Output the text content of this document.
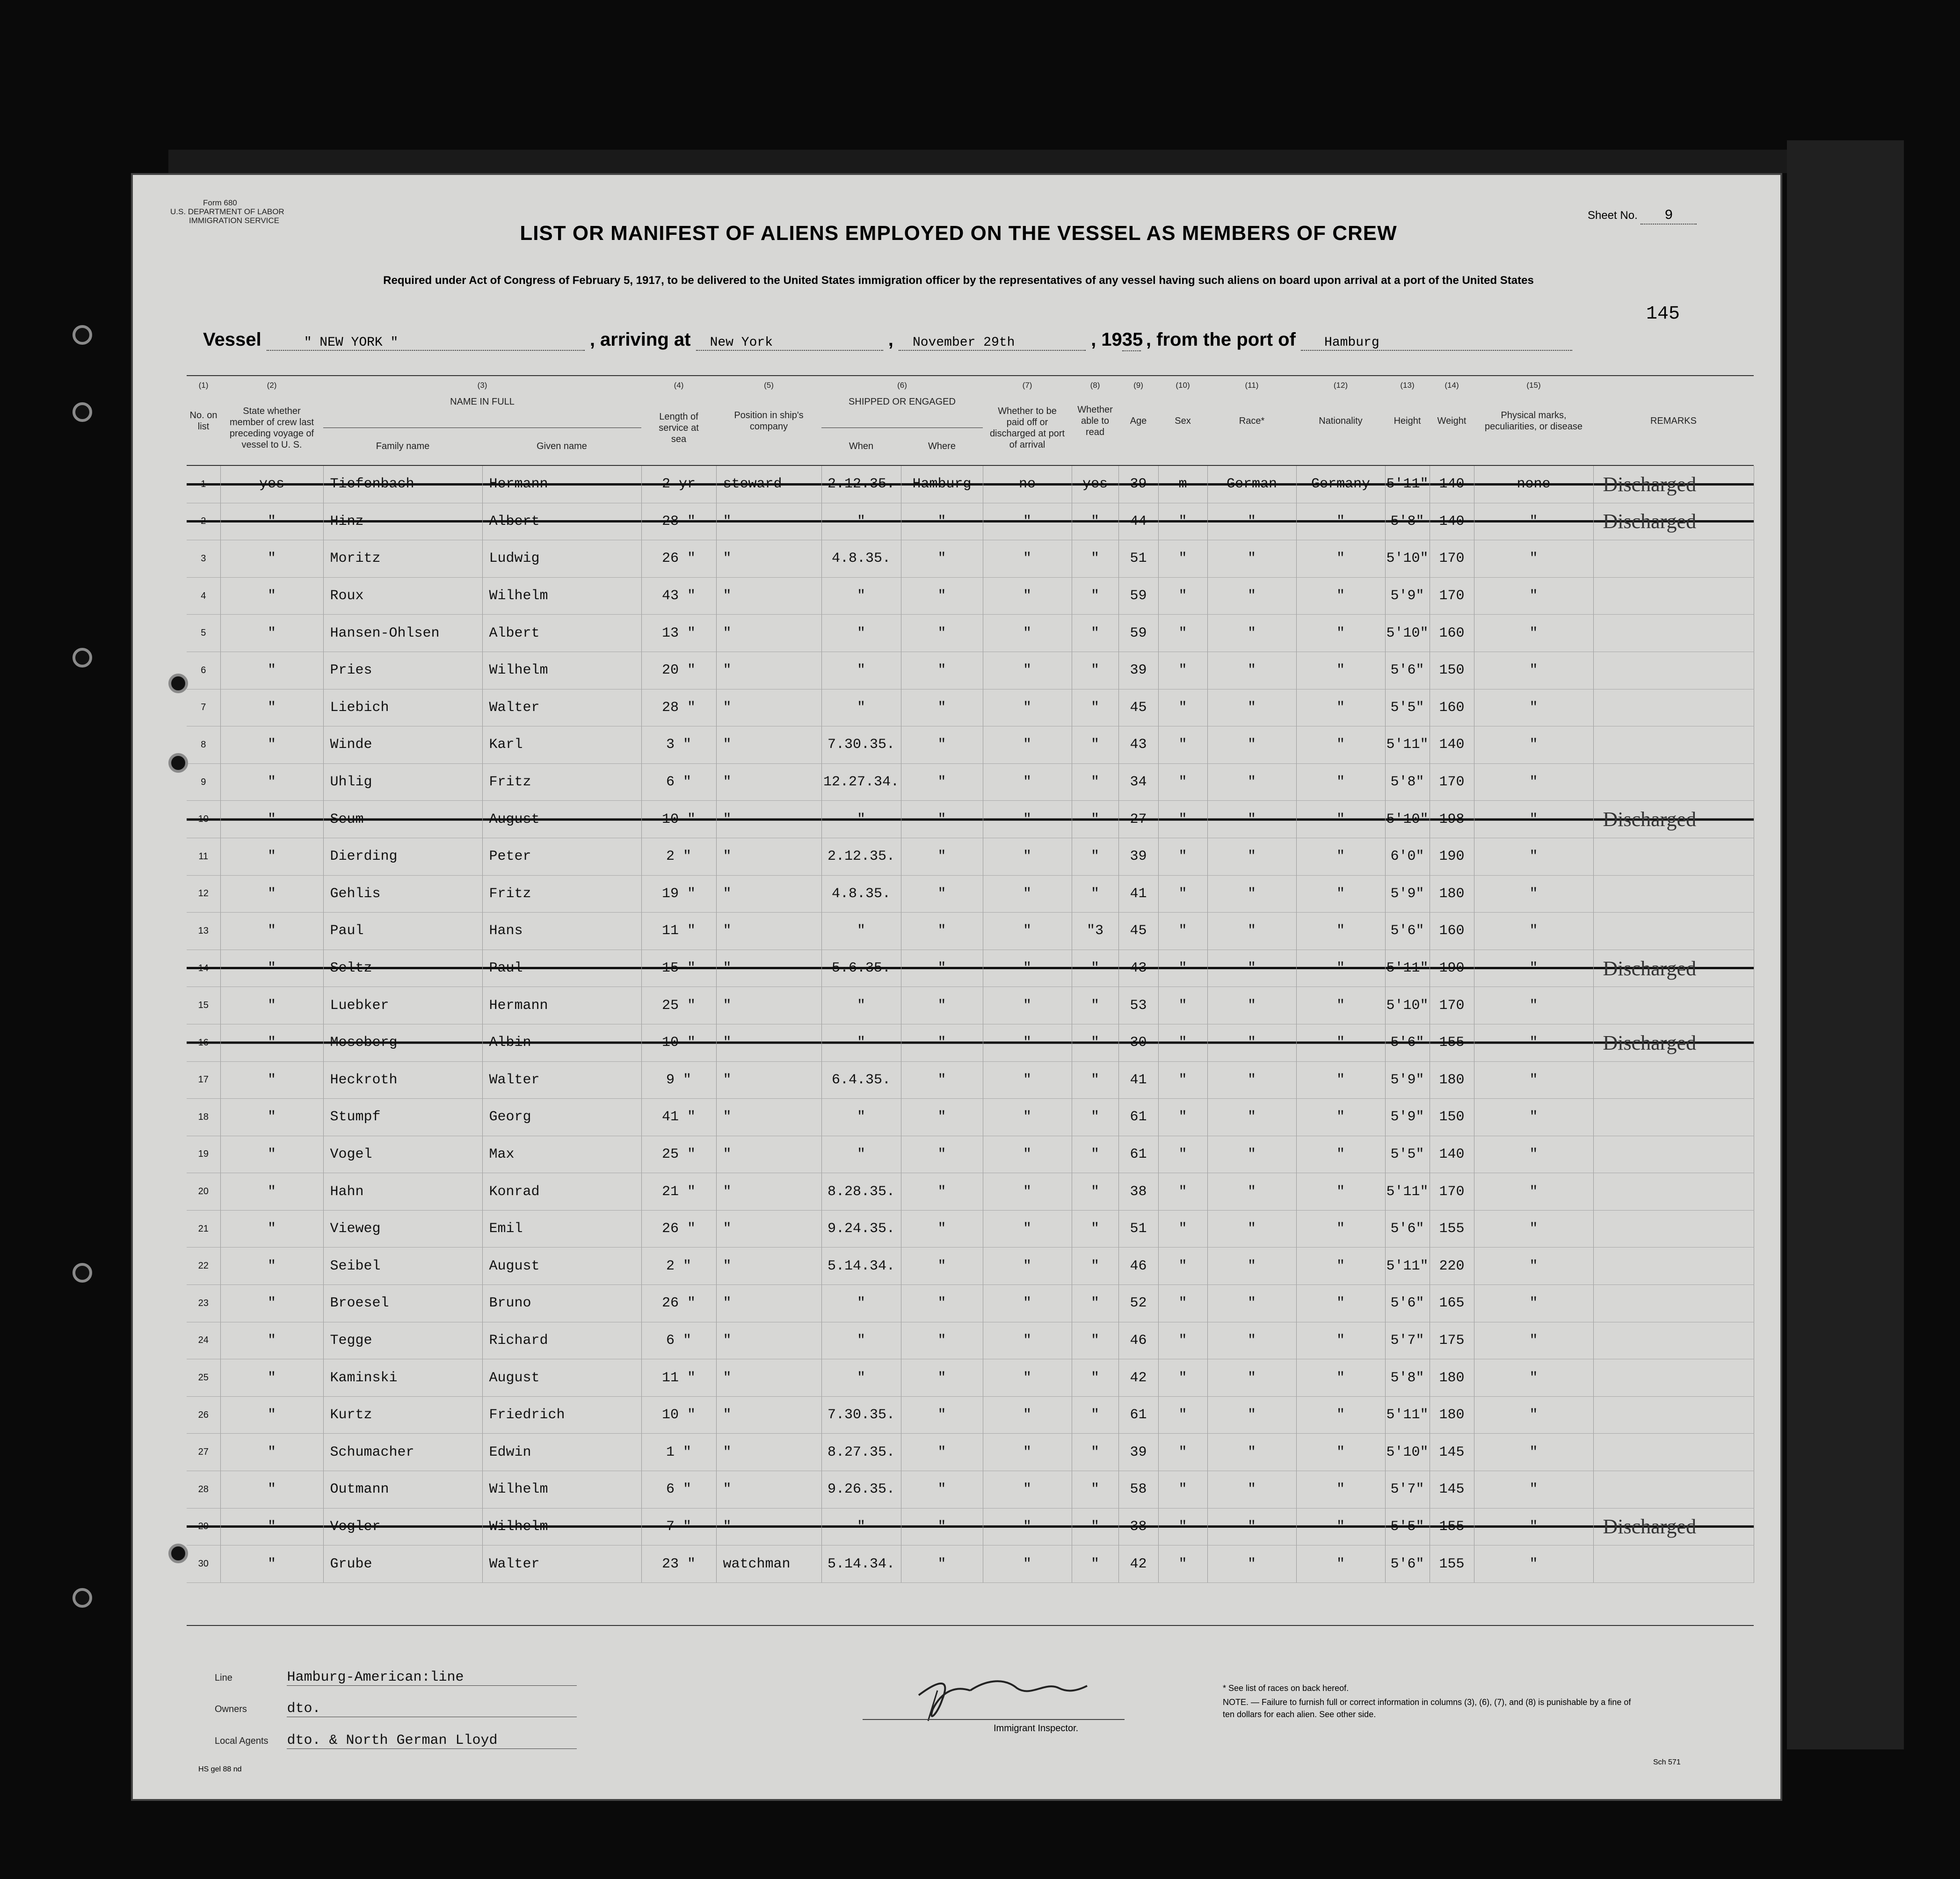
Form 680
U.S. DEPARTMENT OF LABOR
IMMIGRATION SERVICE	Sheet No. 9
LIST OR MANIFEST OF ALIENS EMPLOYED ON THE VESSEL AS MEMBERS OF CREW
Required under Act of Congress of February 5, 1917, to be delivered to the United States immigration officer by the representatives of any vessel having such aliens on board upon arrival at a port of the United States
145
Vessel	" NEW YORK "	, arriving at New York	, November 29th	, 1935 , from the port of Hamburg
(1)	(2)	(3)	(4)	(5)	(6)	(7)	(8)	(9)	(10)	(11)	(12)	(13)	(14)	(15)
No. on list
State whether member of crew last preceding voyage of vessel to U. S.
NAME IN FULL
Family name	Given name
Length of service at sea
Position in ship's company
SHIPPED OR ENGAGED
When	Where
Whether to be paid off or discharged at port of arrival
Whether able to read
Age	Sex	Race*	Nationality	Height	Weight
Physical marks, peculiarities, or disease
REMARKS
1	yes	Tiefenbach	Hermann	2 yr	steward	2.12.35.	Hamburg	no	yes	39	m	German	Germany	5'11"	140	none	Discharged
2	"	Hinz	Albert	28 "	"	"	"	"	"	44	"	"	"	5'8"	140	"	Discharged
3	"	Moritz	Ludwig	26 "	"	4.8.35.	"	"	"	51	"	"	"	5'10"	170	"	
4	"	Roux	Wilhelm	43 "	"	"	"	"	"	59	"	"	"	5'9"	170	"	
5	"	Hansen-Ohlsen	Albert	13 "	"	"	"	"	"	59	"	"	"	5'10"	160	"	
6	"	Pries	Wilhelm	20 "	"	"	"	"	"	39	"	"	"	5'6"	150	"	
7	"	Liebich	Walter	28 "	"	"	"	"	"	45	"	"	"	5'5"	160	"	
8	"	Winde	Karl	3 "	"	7.30.35.	"	"	"	43	"	"	"	5'11"	140	"	
9	"	Uhlig	Fritz	6 "	"	12.27.34.	"	"	"	34	"	"	"	5'8"	170	"	
10	"	Seum	August	10 "	"	"	"	"	"	27	"	"	"	5'10"	198	"	Discharged
11	"	Dierding	Peter	2 "	"	2.12.35.	"	"	"	39	"	"	"	6'0"	190	"	
12	"	Gehlis	Fritz	19 "	"	4.8.35.	"	"	"	41	"	"	"	5'9"	180	"	
13	"	Paul	Hans	11 "	"	"	"	"	"3	45	"	"	"	5'6"	160	"	
14	"	Seltz	Paul	15 "	"	5.6.35.	"	"	"	43	"	"	"	5'11"	190	"	Discharged
15	"	Luebker	Hermann	25 "	"	"	"	"	"	53	"	"	"	5'10"	170	"	
16	"	Moseberg	Albin	10 "	"	"	"	"	"	30	"	"	"	5'6"	155	"	Discharged
17	"	Heckroth	Walter	9 "	"	6.4.35.	"	"	"	41	"	"	"	5'9"	180	"	
18	"	Stumpf	Georg	41 "	"	"	"	"	"	61	"	"	"	5'9"	150	"	
19	"	Vogel	Max	25 "	"	"	"	"	"	61	"	"	"	5'5"	140	"	
20	"	Hahn	Konrad	21 "	"	8.28.35.	"	"	"	38	"	"	"	5'11"	170	"	
21	"	Vieweg	Emil	26 "	"	9.24.35.	"	"	"	51	"	"	"	5'6"	155	"	
22	"	Seibel	August	2 "	"	5.14.34.	"	"	"	46	"	"	"	5'11"	220	"	
23	"	Broesel	Bruno	26 "	"	"	"	"	"	52	"	"	"	5'6"	165	"	
24	"	Tegge	Richard	6 "	"	"	"	"	"	46	"	"	"	5'7"	175	"	
25	"	Kaminski	August	11 "	"	"	"	"	"	42	"	"	"	5'8"	180	"	
26	"	Kurtz	Friedrich	10 "	"	7.30.35.	"	"	"	61	"	"	"	5'11"	180	"	
27	"	Schumacher	Edwin	1 "	"	8.27.35.	"	"	"	39	"	"	"	5'10"	145	"	
28	"	Outmann	Wilhelm	6 "	"	9.26.35.	"	"	"	58	"	"	"	5'7"	145	"	
29	"	Vogler	Wilhelm	7 "	"	"	"	"	"	38	"	"	"	5'5"	155	"	Discharged
30	"	Grube	Walter	23 "	watchman	5.14.34.	"	"	"	42	"	"	"	5'6"	155	"	
Line	Hamburg-American:line
Owners	dto.
Local Agents dto. & North German Lloyd
Immigrant Inspector.
* See list of races on back hereof.
NOTE. — Failure to furnish full or correct information in columns (3), (6), (7), and (8) is punishable by a fine of ten dollars for each alien. See other side.
HS gel 88 nd
Sch 571
